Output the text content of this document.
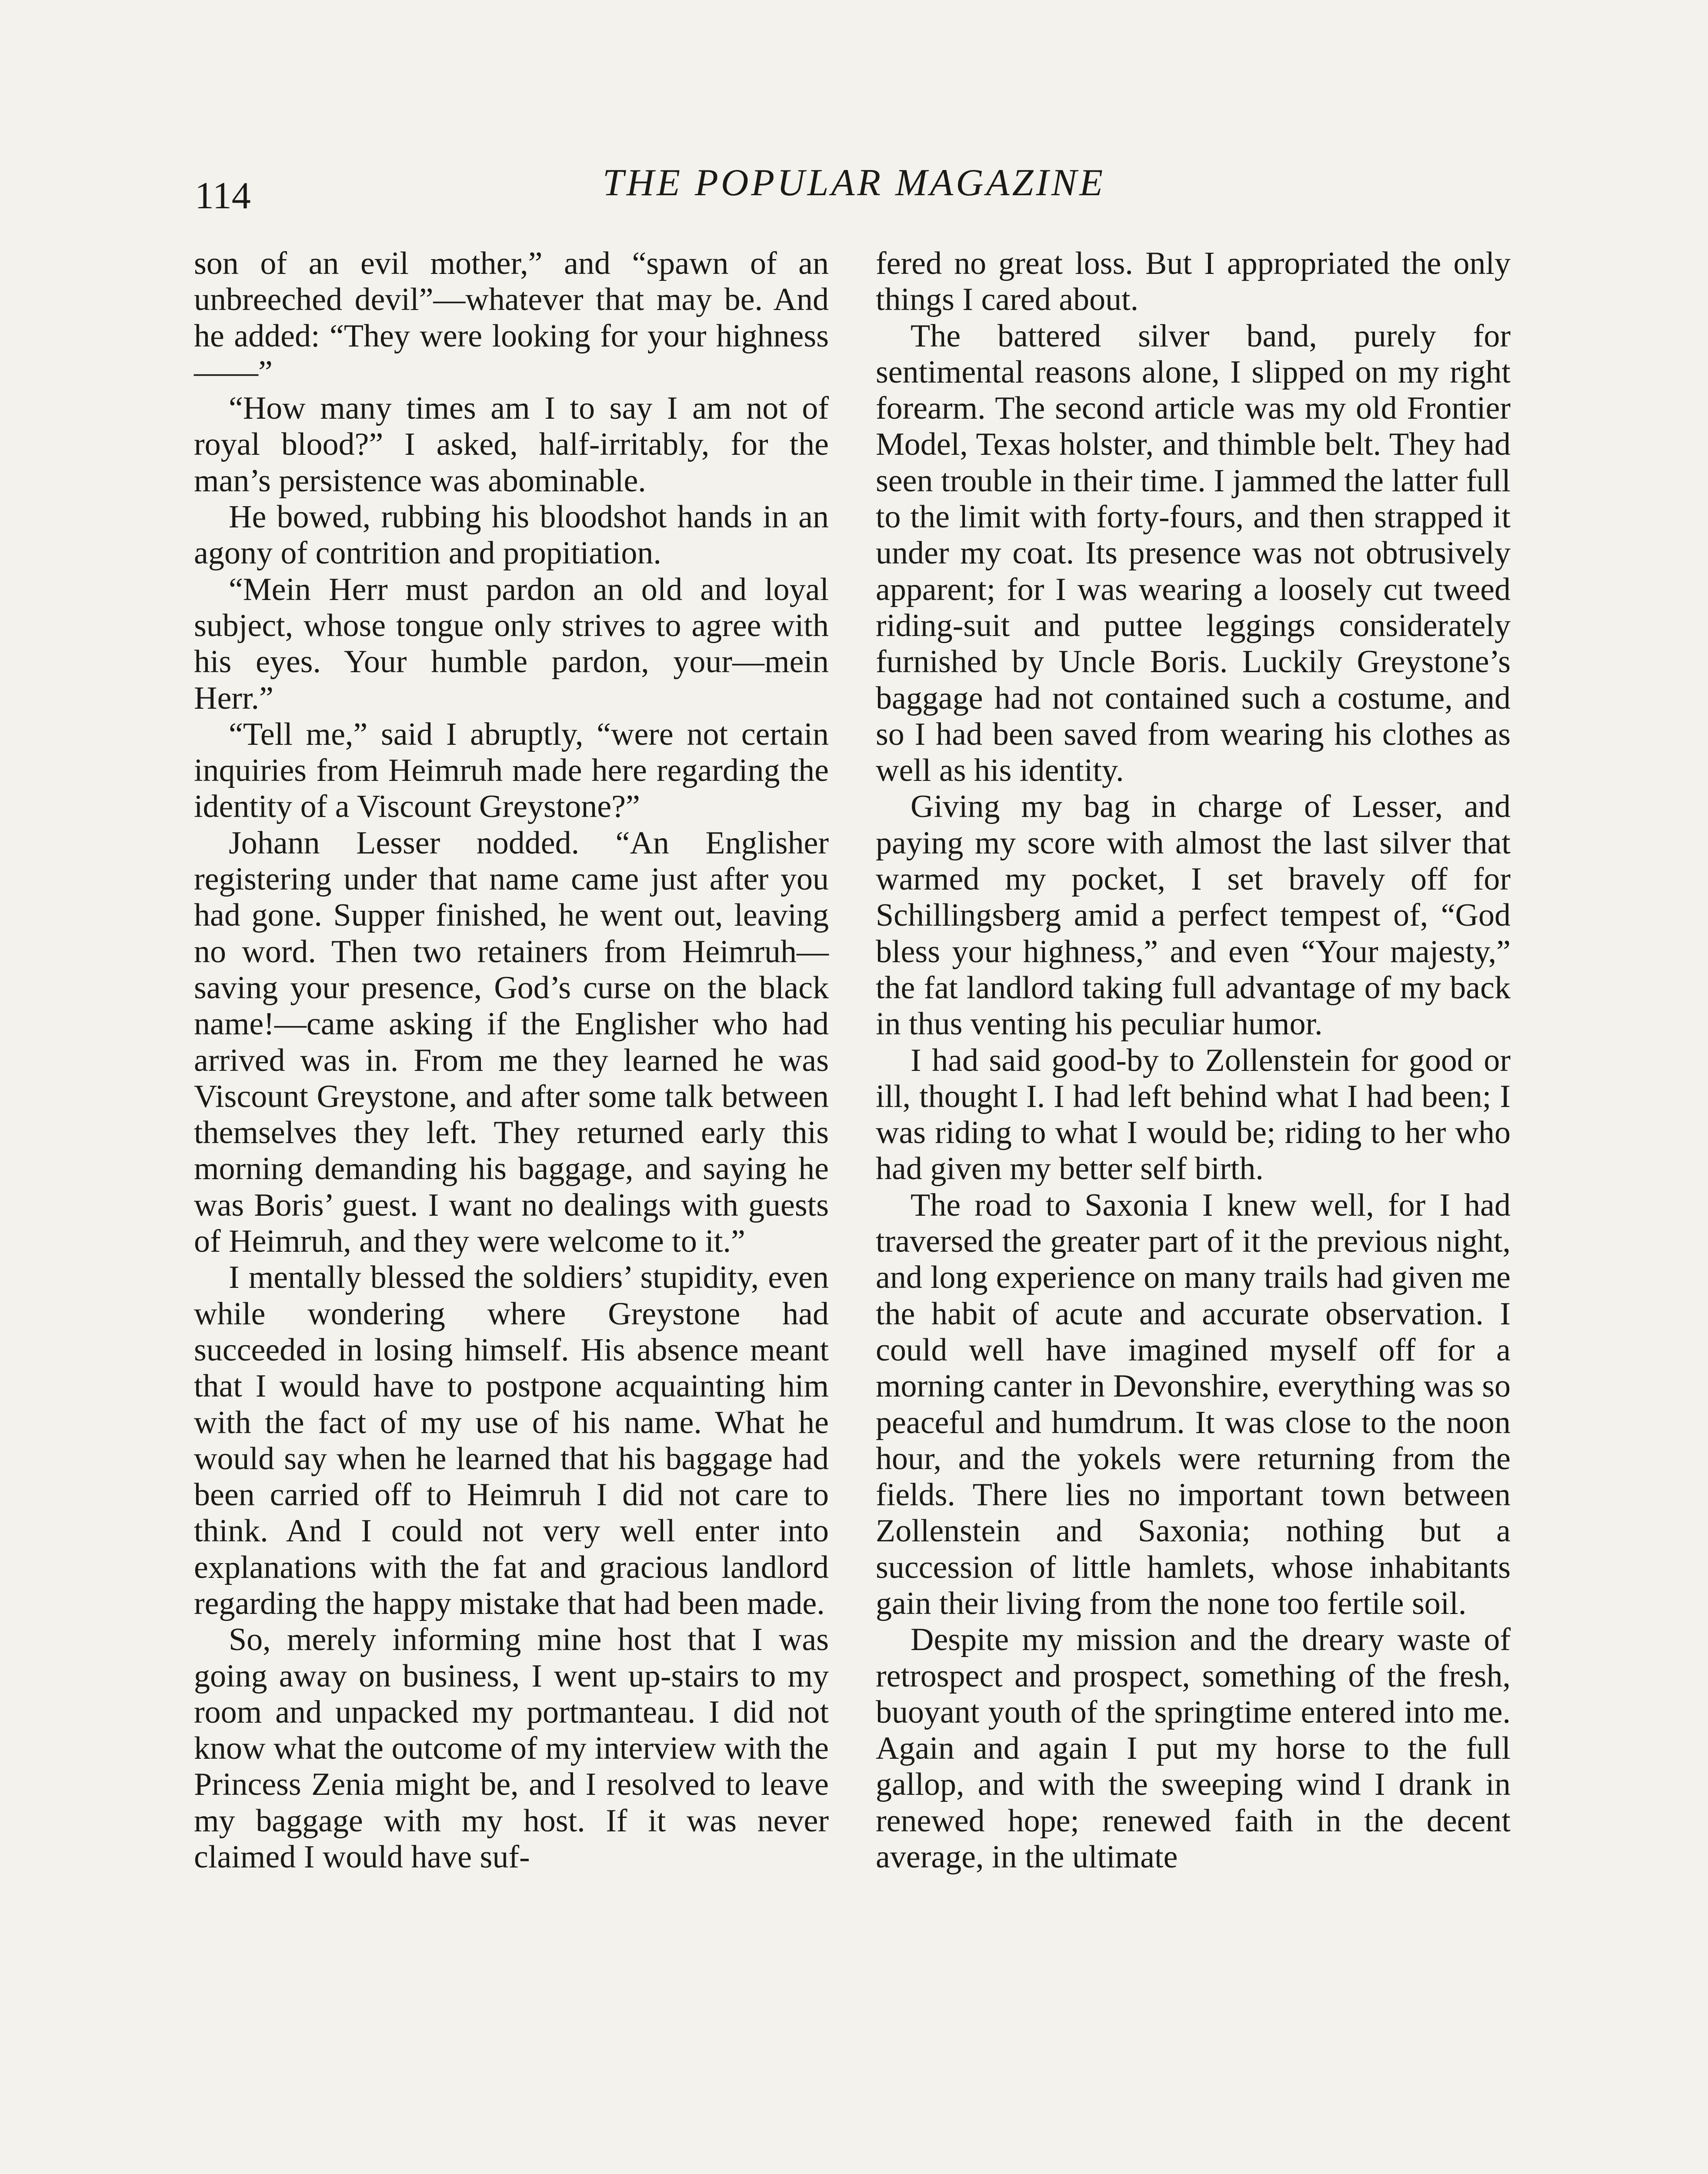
114	THE POPULAR MAGAZINE

son of an evil mother,” and “spawn of an unbreeched devil”—whatever that may be. And he added: “They were looking for your highness——”

“How many times am I to say I am not of royal blood?” I asked, half-irritably, for the man’s persistence was abominable.

He bowed, rubbing his bloodshot hands in an agony of contrition and propitiation.

“Mein Herr must pardon an old and loyal subject, whose tongue only strives to agree with his eyes. Your humble pardon, your—mein Herr.”

“Tell me,” said I abruptly, “were not certain inquiries from Heimruh made here regarding the identity of a Viscount Greystone?”

Johann Lesser nodded. “An Englisher registering under that name came just after you had gone. Supper finished, he went out, leaving no word. Then two retainers from Heimruh—saving your presence, God’s curse on the black name!—came asking if the Englisher who had arrived was in. From me they learned he was Viscount Greystone, and after some talk between themselves they left. They returned early this morning demanding his baggage, and saying he was Boris’ guest. I want no dealings with guests of Heimruh, and they were welcome to it.”

I mentally blessed the soldiers’ stupidity, even while wondering where Greystone had succeeded in losing himself. His absence meant that I would have to postpone acquainting him with the fact of my use of his name. What he would say when he learned that his baggage had been carried off to Heimruh I did not care to think. And I could not very well enter into explanations with the fat and gracious landlord regarding the happy mistake that had been made.

So, merely informing mine host that I was going away on business, I went up-stairs to my room and unpacked my portmanteau. I did not know what the outcome of my interview with the Princess Zenia might be, and I resolved to leave my baggage with my host. If it was never claimed I would have suf-

fered no great loss. But I appropriated the only things I cared about.

The battered silver band, purely for sentimental reasons alone, I slipped on my right forearm. The second article was my old Frontier Model, Texas holster, and thimble belt. They had seen trouble in their time. I jammed the latter full to the limit with forty-fours, and then strapped it under my coat. Its presence was not obtrusively apparent; for I was wearing a loosely cut tweed riding-suit and puttee leggings considerately furnished by Uncle Boris. Luckily Greystone’s baggage had not contained such a costume, and so I had been saved from wearing his clothes as well as his identity.

Giving my bag in charge of Lesser, and paying my score with almost the last silver that warmed my pocket, I set bravely off for Schillingsberg amid a perfect tempest of, “God bless your highness,” and even “Your majesty,” the fat landlord taking full advantage of my back in thus venting his peculiar humor.

I had said good-by to Zollenstein for good or ill, thought I. I had left behind what I had been; I was riding to what I would be; riding to her who had given my better self birth.

The road to Saxonia I knew well, for I had traversed the greater part of it the previous night, and long experience on many trails had given me the habit of acute and accurate observation. I could well have imagined myself off for a morning canter in Devonshire, everything was so peaceful and humdrum. It was close to the noon hour, and the yokels were returning from the fields. There lies no important town between Zollenstein and Saxonia; nothing but a succession of little hamlets, whose inhabitants gain their living from the none too fertile soil.

Despite my mission and the dreary waste of retrospect and prospect, something of the fresh, buoyant youth of the springtime entered into me. Again and again I put my horse to the full gallop, and with the sweeping wind I drank in renewed hope; renewed faith in the decent average, in the ultimate
